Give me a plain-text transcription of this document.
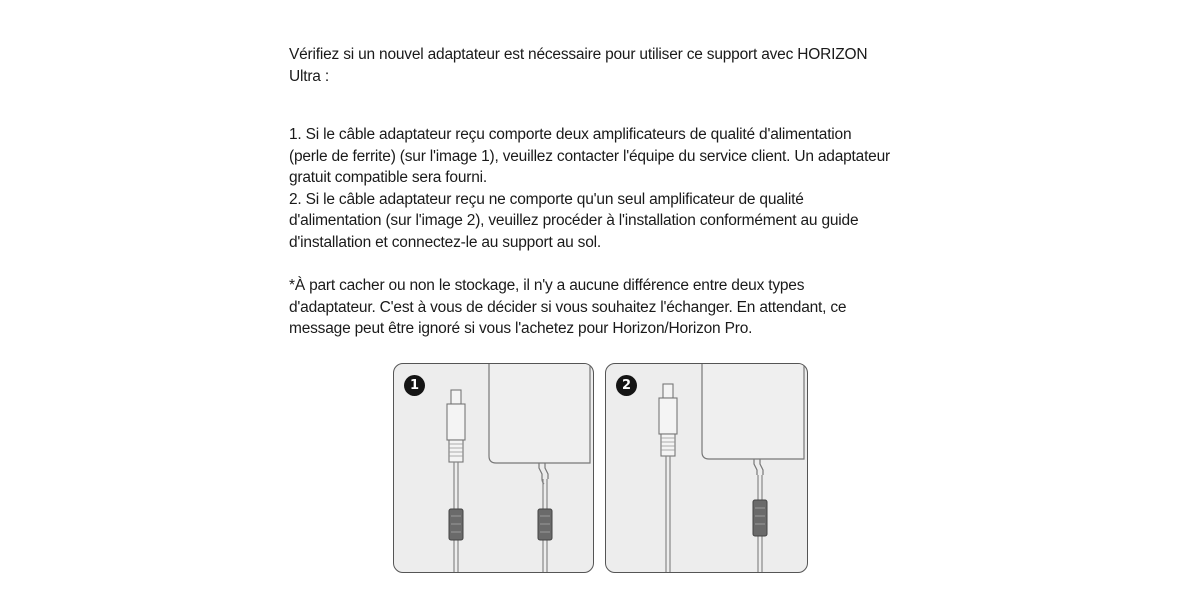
Vérifiez si un nouvel adaptateur est nécessaire pour utiliser ce support avec HORIZON
Ultra :
1. Si le câble adaptateur reçu comporte deux amplificateurs de qualité d'alimentation
(perle de ferrite) (sur l'image 1), veuillez contacter l'équipe du service client. Un adaptateur
gratuit compatible sera fourni.
2. Si le câble adaptateur reçu ne comporte qu'un seul amplificateur de qualité
d'alimentation (sur l'image 2), veuillez procéder à l'installation conformément au guide
d'installation et connectez-le au support au sol.
*À part cacher ou non le stockage, il n'y a aucune différence entre deux types
d'adaptateur. C'est à vous de décider si vous souhaitez l'échanger. En attendant, ce
message peut être ignoré si vous l'achetez pour Horizon/Horizon Pro.
1	2
